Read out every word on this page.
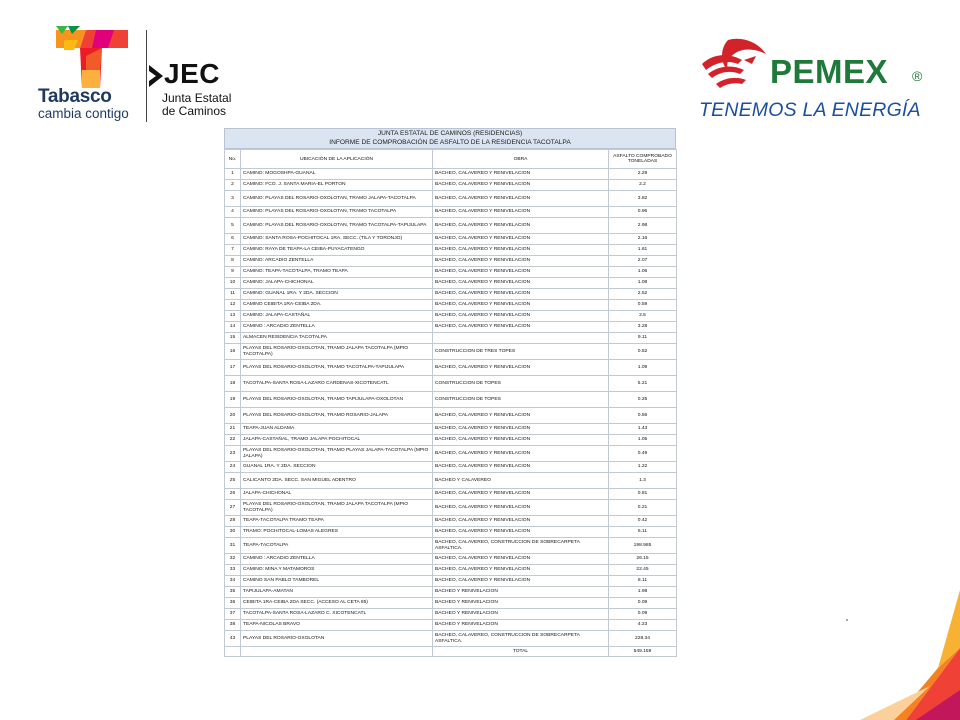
Tabasco
cambia contigo
JEC
Junta Estatal
de Caminos
PEMEX ®
TENEMOS LA ENERGÍA
JUNTA ESTATAL DE CAMINOS (RESIDENCIAS)
INFORME DE COMPROBACIÓN DE ASFALTO DE LA RESIDENCIA TACOTALPA
No.	UBICACIÓN DE LA APLICACIÓN	OBRA	ASFALTO COMPROBADO TONELADAS
1	CAMINO: MOGOSHPA-GUANAL	BACHEO, CALAVEREO Y RENIVELACION	2.29
2	CAMINO: FCO. J. SANTA MARIA-EL PORTON	BACHEO, CALAVEREO Y RENIVELACION	2.2
3	CAMINO: PLAYAS DEL ROSARIO-OXOLOTAN, TRAMO JALAPA-TACOTALPA	BACHEO, CALAVEREO Y RENIVELACION	3.82
4	CAMINO: PLAYAS DEL ROSARIO-OXOLOTAN, TRAMO TACOTALPA	BACHEO, CALAVEREO Y RENIVELACION	0.96
5	CAMINO: PLAYAS DEL ROSARIO-OXOLOTAN, TRAMO TACOTALPA-TAPIJULAPA	BACHEO, CALAVEREO Y RENIVELACION	2.98
6	CAMINO: SANTA ROSA-POCHITOCAL 1RA. SECC. (TILA Y TORONJO)	BACHEO, CALAVEREO Y RENIVELACION	2.16
7	CAMINO: RAYA DE TEAPA-LA CEIBA-PUYACATENGO	BACHEO, CALAVEREO Y RENIVELACION	1.61
8	CAMINO: ARCADIO ZENTELLA	BACHEO, CALAVEREO Y RENIVELACION	2.07
9	CAMINO: TEAPA-TACOTALPA, TRAMO TEAPA	BACHEO, CALAVEREO Y RENIVELACION	1.06
10	CAMINO: JALAPA-CHICHONAL	BACHEO, CALAVEREO Y RENIVELACION	1.08
11	CAMINO: GUANAL 1RA. Y 2DA. SECCION	BACHEO, CALAVEREO Y RENIVELACION	2.52
12	CAMINO CEIBITA 1RA-CEIBA 2DA.	BACHEO, CALAVEREO Y RENIVELACION	0.59
13	CAMINO: JALAPA-CASTAÑAL	BACHEO, CALAVEREO Y RENIVELACION	2.5
14	CAMINO : ARCADIO ZENTELLA	BACHEO, CALAVEREO Y RENIVELACION	3.28
15	ALMACEN RESIDENCIA TACOTALPA		9.11
16	PLAYAS DEL ROSARIO-OXOLOTAN, TRAMO JALAPA TACOTALPA (MPIO TACOTALPA)	CONSTRUCCION DE TRES TOPES	0.52
17	PLAYAS DEL ROSARIO-OXOLOTAN, TRAMO TACOTALPA-TAPIJULAPA	BACHEO, CALAVEREO Y RENIVELACION	1.09
18	TACOTALPA-SANTA ROSA-LAZARO CARDENAS-XICOTENCATL	CONSTRUCCION DE TOPES	5.21
19	PLAYAS DEL ROSARIO-OXOLOTAN, TRAMO TAPIJULAPA-OXOLOTAN	CONSTRUCCION DE TOPES	0.25
20	PLAYAS DEL ROSARIO-OXOLOTAN, TRAMO ROSARIO-JALAPA	BACHEO, CALAVEREO Y RENIVELACION	0.56
21	TEAPA-JUAN ALDAMA	BACHEO, CALAVEREO Y RENIVELACION	1.43
22	JALAPA-CASTAÑAL, TRAMO JALAPA POCHITOCAL	BACHEO, CALAVEREO Y RENIVELACION	1.05
23	PLAYAS DEL ROSARIO-OXOLOTAN, TRAMO PLAYAS JALAPA-TACOTALPA (MPIO JALAPA)	BACHEO, CALAVEREO Y RENIVELACION	0.49
24	GUANAL 1RA. Y 2DA. SECCION	BACHEO, CALAVEREO Y RENIVELACION	1.22
25	CALICANTO 2DA. SECC. SAN MIGUEL ADENTRO	BACHEO Y CALAVEREO	1.3
26	JALAPA-CHICHONAL	BACHEO, CALAVEREO Y RENIVELACION	0.81
27	PLAYAS DEL ROSARIO-OXOLOTAN, TRAMO JALAPA TACOTALPA (MPIO TACOTALPA)	BACHEO, CALAVEREO Y RENIVELACION	0.21
28	TEAPA-TACOTALPA TRAMO TEAPA	BACHEO, CALAVEREO Y RENIVELACION	0.42
30	TRAMO: POCHITOCAL-LOMAS ALEGRES	BACHEO, CALAVEREO Y RENIVELACION	6.11
31	TEAPA-TACOTALPA	BACHEO, CALAVEREO, CONSTRUCCION DE SOBRECARPETA ASFALTICA.	198.985
32	CAMINO : ARCADIO ZENTELLA	BACHEO, CALAVEREO Y RENIVELACION	26.15
33	CAMINO: MINA Y MATAMOROS	BACHEO, CALAVEREO Y RENIVELACION	22.45
34	CAMINO SAN PABLO TAMBOREL	BACHEO, CALAVEREO Y RENIVELACION	8.11
35	TAPIJULAPA-AMATAN	BACHEO Y RENIVELACION	1.98
36	CEIBITA 1RA-CEIBA 2DA SECC. (ACCESO AL CETA 85)	BACHEO Y RENIVELACION	0.09
37	TACOTALPA-SANTA ROSA-LAZARO C. XICOTENCATL	BACHEO Y RENIVELACION	0.09
38	TEAPA-NICOLAS BRAVO	BACHEO Y RENIVELACION	4.23
43	PLAYAS DEL ROSARIO-OXOLOTAN	BACHEO, CALAVEREO, CONSTRUCCION DE SOBRECARPETA ASFALTICA.	228.34
		TOTAL	549.159
